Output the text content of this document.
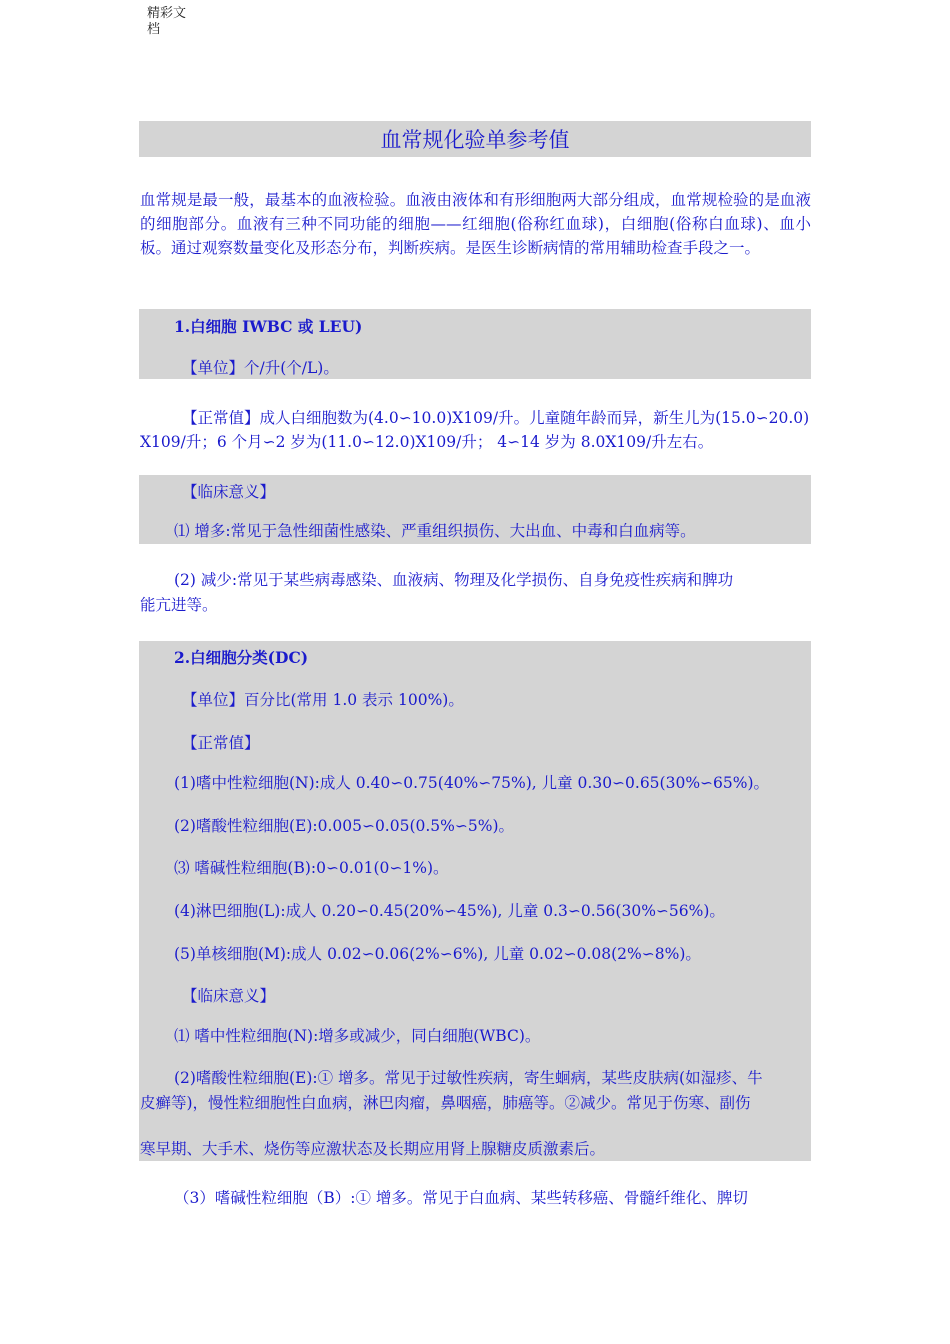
精彩文档
血常规化验单参考值
血常规是最一般，最基本的血液检验。血液由液体和有形细胞两大部分组成，血常规检验的是血液的细胞部分。血液有三种不同功能的细胞——红细胞(俗称红血球)，白细胞(俗称白血球)、血小板。通过观察数量变化及形态分布，判断疾病。是医生诊断病情的常用辅助检查手段之一。
1.白细胞 IWBC 或 LEU)
【单位】个/升(个/L)。
【正常值】成人白细胞数为(4.0∽10.0)X109/升。儿童随年龄而异，新生儿为(15.0∽20.0)
X109/升；6 个月∽2 岁为(11.0∽12.0)X109/升； 4∽14 岁为 8.0X109/升左右。
【临床意义】
⑴ 增多:常见于急性细菌性感染、严重组织损伤、大出血、中毒和白血病等。
(2) 减少:常见于某些病毒感染、血液病、物理及化学损伤、自身免疫性疾病和脾功
能亢进等。
2.白细胞分类(DC)
【单位】百分比(常用 1.0 表示 100%)。
【正常值】
(1)嗜中性粒细胞(N):成人 0.40∽0.75(40%∽75%), 儿童 0.30∽0.65(30%∽65%)。
(2)嗜酸性粒细胞(E):0.005∽0.05(0.5%∽5%)。
⑶ 嗜碱性粒细胞(B):0∽0.01(0∽1%)。
(4)淋巴细胞(L):成人 0.20∽0.45(20%∽45%), 儿童 0.3∽0.56(30%∽56%)。
(5)单核细胞(M):成人 0.02∽0.06(2%∽6%), 儿童 0.02∽0.08(2%∽8%)。
【临床意义】
⑴ 嗜中性粒细胞(N):增多或减少，同白细胞(WBC)。
(2)嗜酸性粒细胞(E):① 增多。常见于过敏性疾病，寄生蛔病，某些皮肤病(如湿疹、牛
皮癣等)，慢性粒细胞性白血病，淋巴肉瘤，鼻咽癌，肺癌等。②减少。常见于伤寒、副伤
寒早期、大手术、烧伤等应激状态及长期应用肾上腺糖皮质激素后。
（3）嗜碱性粒细胞（B）:① 增多。常见于白血病、某些转移癌、骨髓纤维化、脾切
